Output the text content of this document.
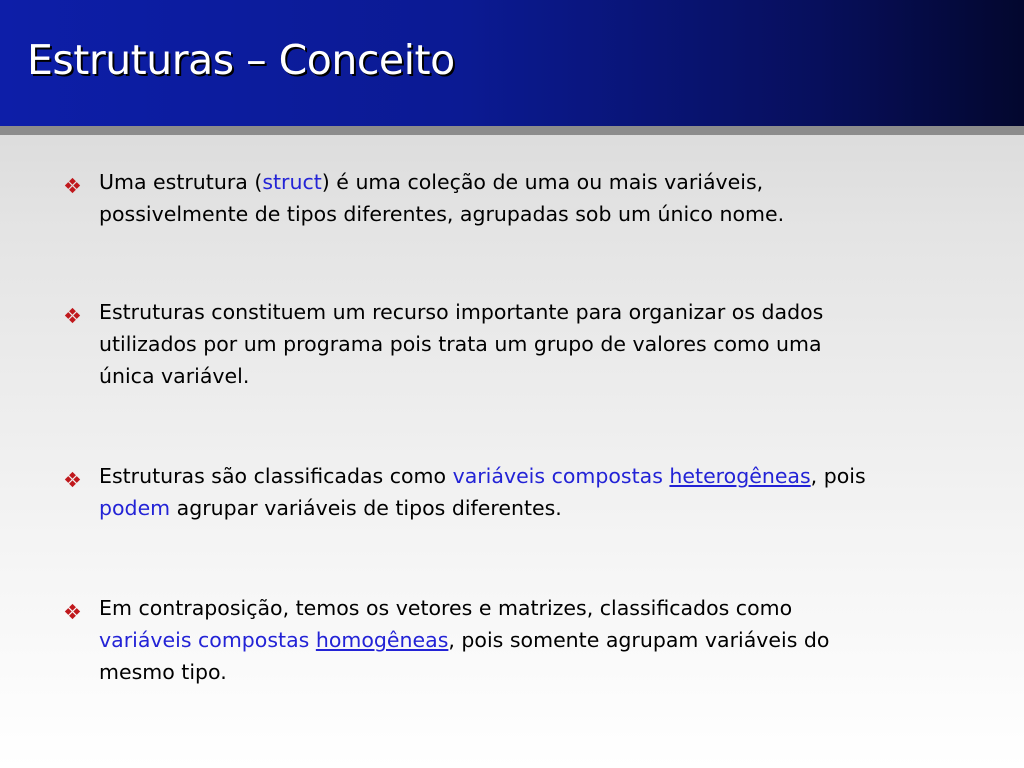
Estruturas – Conceito
Uma estrutura (struct) é uma coleção de uma ou mais variáveis,
possivelmente de tipos diferentes, agrupadas sob um único nome.
Estruturas constituem um recurso importante para organizar os dados
utilizados por um programa pois trata um grupo de valores como uma
única variável.
Estruturas são classificadas como variáveis compostas heterogêneas, pois
podem agrupar variáveis de tipos diferentes.
Em contraposição, temos os vetores e matrizes, classificados como
variáveis compostas homogêneas, pois somente agrupam variáveis do
mesmo tipo.
